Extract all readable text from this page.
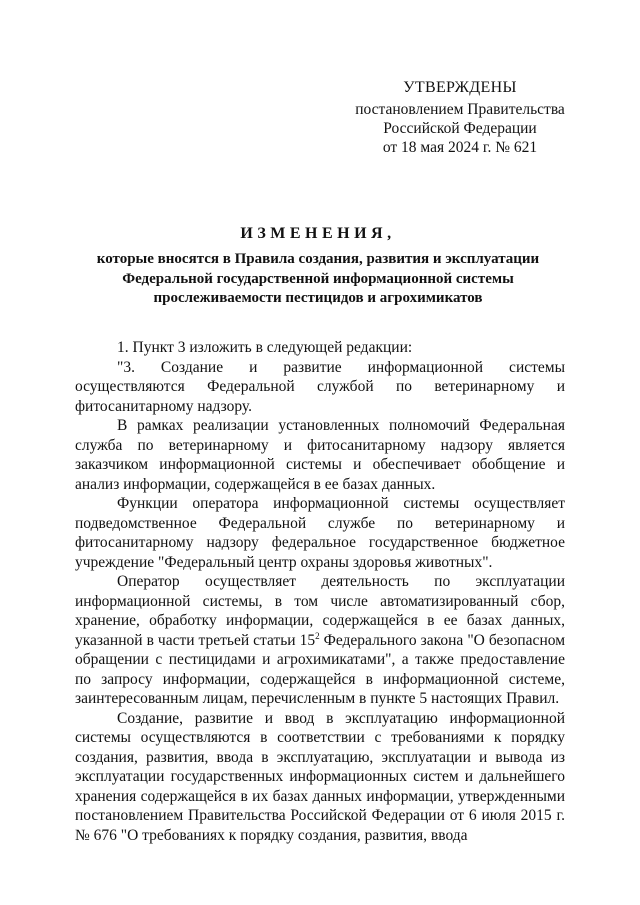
УТВЕРЖДЕНЫ
постановлением Правительства
Российской Федерации
от 18 мая 2024 г. № 621
ИЗМЕНЕНИЯ,
которые вносятся в Правила создания, развития и эксплуатации
Федеральной государственной информационной системы
прослеживаемости пестицидов и агрохимикатов

1. Пункт 3 изложить в следующей редакции:

"3. Создание и развитие информационной системы осуществляются Федеральной службой по ветеринарному и фитосанитарному надзору.

В рамках реализации установленных полномочий Федеральная служба по ветеринарному и фитосанитарному надзору является заказчиком информационной системы и обеспечивает обобщение и анализ информации, содержащейся в ее базах данных.

Функции оператора информационной системы осуществляет подведомственное Федеральной службе по ветеринарному и фитосанитарному надзору федеральное государственное бюджетное учреждение "Федеральный центр охраны здоровья животных".

Оператор осуществляет деятельность по эксплуатации информационной системы, в том числе автоматизированный сбор, хранение, обработку информации, содержащейся в ее базах данных, указанной в части третьей статьи $15^2$ Федерального закона "О безопасном обращении с пестицидами и агрохимикатами", а также предоставление по запросу информации, содержащейся в информационной системе, заинтересованным лицам, перечисленным в пункте 5 настоящих Правил.

Создание, развитие и ввод в эксплуатацию информационной системы осуществляются в соответствии с требованиями к порядку создания, развития, ввода в эксплуатацию, эксплуатации и вывода из эксплуатации государственных информационных систем и дальнейшего хранения содержащейся в их базах данных информации, утвержденными постановлением Правительства Российской Федерации от 6 июля 2015 г. № 676 "О требованиях к порядку создания, развития, ввода
